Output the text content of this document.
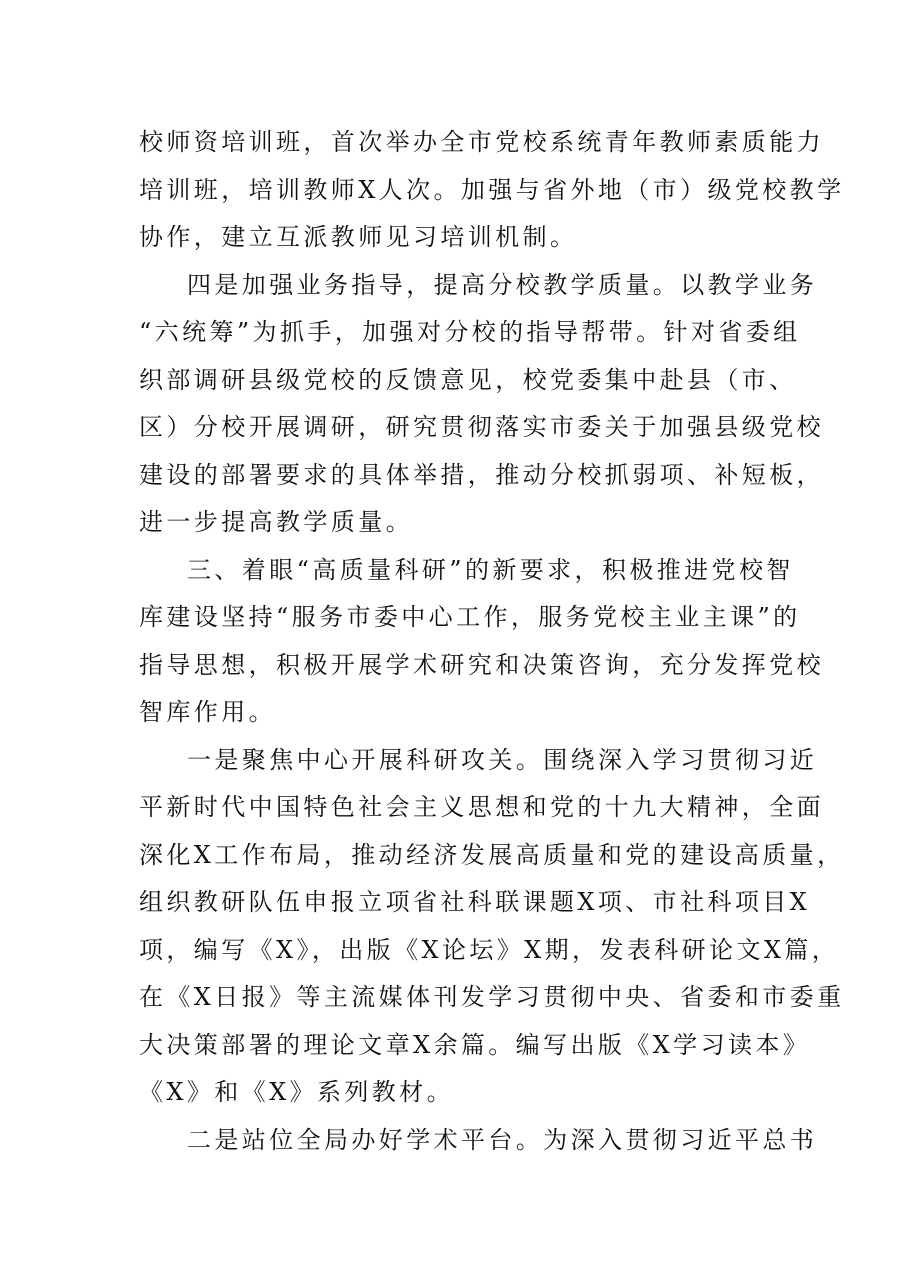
校师资培训班，首次举办全市党校系统青年教师素质能力
培训班，培训教师X人次。加强与省外地（市）级党校教学
协作，建立互派教师见习培训机制。
四是加强业务指导，提高分校教学质量。以教学业务
“六统筹”为抓手，加强对分校的指导帮带。针对省委组
织部调研县级党校的反馈意见，校党委集中赴县（市、
区）分校开展调研，研究贯彻落实市委关于加强县级党校
建设的部署要求的具体举措，推动分校抓弱项、补短板，
进一步提高教学质量。
三、着眼“高质量科研”的新要求，积极推进党校智
库建设坚持“服务市委中心工作，服务党校主业主课”的
指导思想，积极开展学术研究和决策咨询，充分发挥党校
智库作用。
一是聚焦中心开展科研攻关。围绕深入学习贯彻习近
平新时代中国特色社会主义思想和党的十九大精神，全面
深化X工作布局，推动经济发展高质量和党的建设高质量，
组织教研队伍申报立项省社科联课题X项、市社科项目X
项，编写《X》，出版《X论坛》X期，发表科研论文X篇，
在《X日报》等主流媒体刊发学习贯彻中央、省委和市委重
大决策部署的理论文章X余篇。编写出版《X学习读本》
《X》和《X》系列教材。
二是站位全局办好学术平台。为深入贯彻习近平总书
